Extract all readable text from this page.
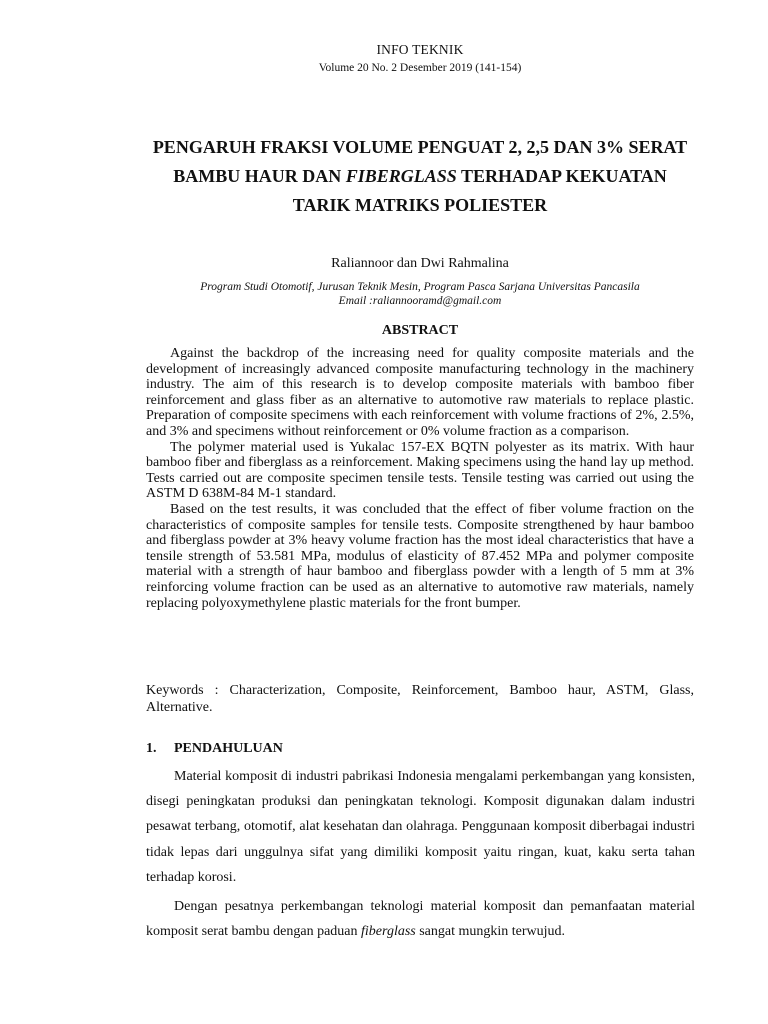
INFO TEKNIK
Volume 20 No. 2 Desember 2019 (141-154)
PENGARUH FRAKSI VOLUME PENGUAT 2, 2,5 DAN 3% SERAT
BAMBU HAUR DAN FIBERGLASS TERHADAP KEKUATAN
TARIK MATRIKS POLIESTER
Raliannoor dan Dwi Rahmalina
Program Studi Otomotif, Jurusan Teknik Mesin, Program Pasca Sarjana Universitas Pancasila
Email :raliannooramd@gmail.com
ABSTRACT

Against the backdrop of the increasing need for quality composite materials and the development of increasingly advanced composite manufacturing technology in the machinery industry. The aim of this research is to develop composite materials with bamboo fiber reinforcement and glass fiber as an alternative to automotive raw materials to replace plastic. Preparation of composite specimens with each reinforcement with volume fractions of 2%, 2.5%, and 3% and specimens without reinforcement or 0% volume fraction as a comparison.

The polymer material used is Yukalac 157-EX BQTN polyester as its matrix. With haur bamboo fiber and fiberglass as a reinforcement. Making specimens using the hand lay up method. Tests carried out are composite specimen tensile tests. Tensile testing was carried out using the ASTM D 638M-84 M-1 standard.

Based on the test results, it was concluded that the effect of fiber volume fraction on the characteristics of composite samples for tensile tests. Composite strengthened by haur bamboo and fiberglass powder at 3% heavy volume fraction has the most ideal characteristics that have a tensile strength of 53.581 MPa, modulus of elasticity of 87.452 MPa and polymer composite material with a strength of haur bamboo and fiberglass powder with a length of 5 mm at 3% reinforcing volume fraction can be used as an alternative to automotive raw materials, namely replacing polyoxymethylene plastic materials for the front bumper.

Keywords : Characterization, Composite, Reinforcement, Bamboo haur, ASTM, Glass, Alternative.
1. PENDAHULUAN

Material komposit di industri pabrikasi Indonesia mengalami perkembangan yang konsisten, disegi peningkatan produksi dan peningkatan teknologi. Komposit digunakan dalam industri pesawat terbang, otomotif, alat kesehatan dan olahraga. Penggunaan komposit diberbagai industri tidak lepas dari unggulnya sifat yang dimiliki komposit yaitu ringan, kuat, kaku serta tahan terhadap korosi.

Dengan pesatnya perkembangan teknologi material komposit dan pemanfaatan material komposit serat bambu dengan paduan fiberglass sangat mungkin terwujud.
